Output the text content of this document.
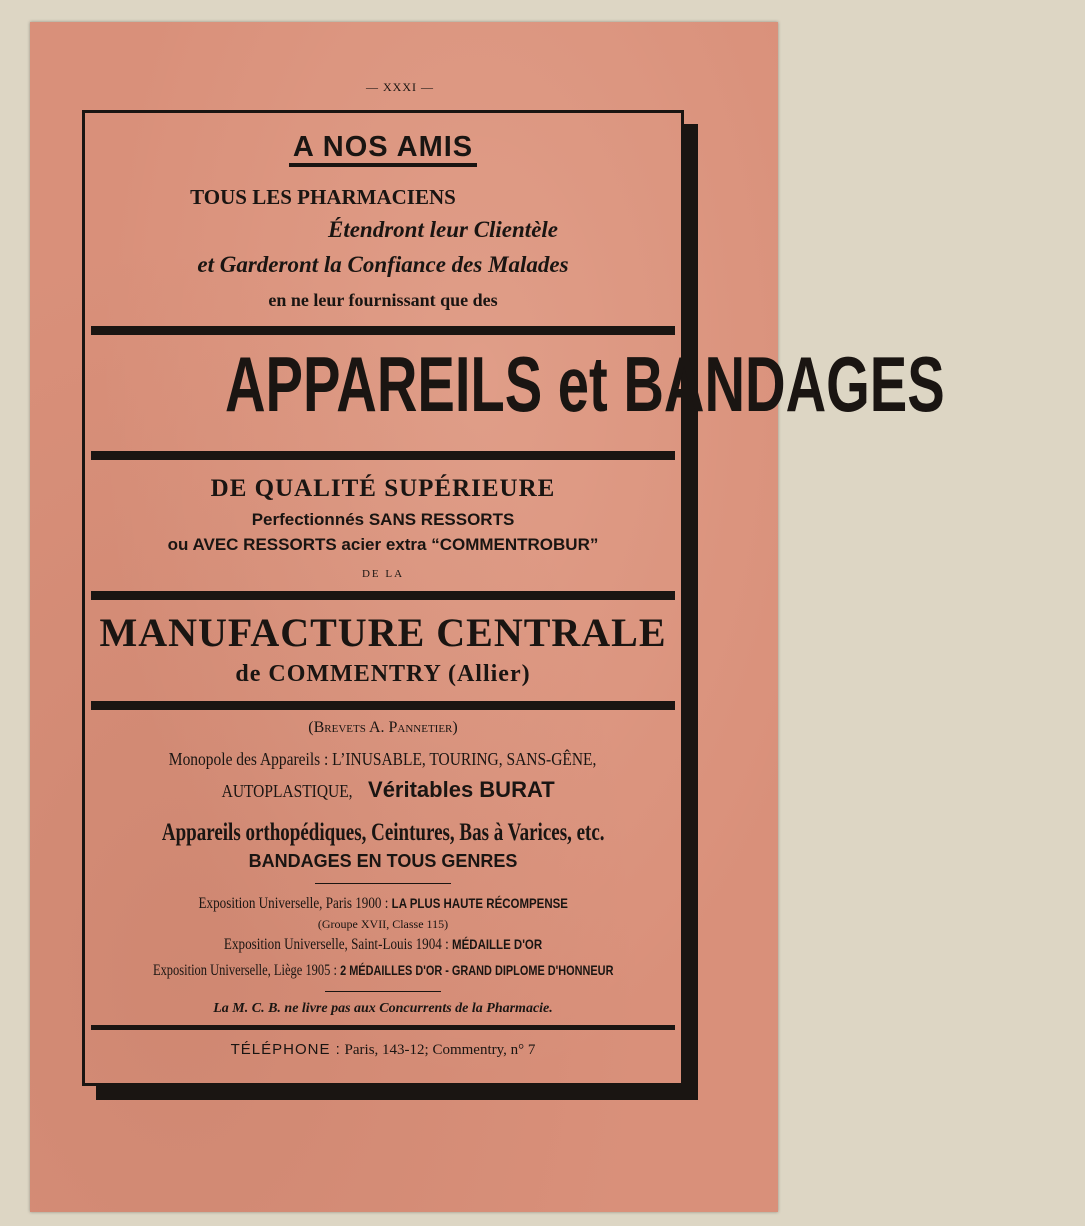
— XXXI —
A NOS AMIS
TOUS LES PHARMACIENS
Étendront leur Clientèle
et Garderont la Confiance des Malades
en ne leur fournissant que des
APPAREILS et BANDAGES
DE QUALITÉ SUPÉRIEURE
Perfectionnés SANS RESSORTS
ou AVEC RESSORTS acier extra “COMMENTROBUR”
DE LA
MANUFACTURE CENTRALE
de COMMENTRY (Allier)
(Brevets A. Pannetier)
Monopole des Appareils : L’INUSABLE, TOURING, SANS-GÊNE,
AUTOPLASTIQUE, Véritables BURAT
Appareils orthopédiques, Ceintures, Bas à Varices, etc.
BANDAGES EN TOUS GENRES
Exposition Universelle, Paris 1900 : LA PLUS HAUTE RÉCOMPENSE
(Groupe XVII, Classe 115)
Exposition Universelle, Saint-Louis 1904 : MÉDAILLE D'OR
Exposition Universelle, Liège 1905 : 2 MÉDAILLES D'OR - GRAND DIPLOME D'HONNEUR
La M. C. B. ne livre pas aux Concurrents de la Pharmacie.
TÉLÉPHONE : Paris, 143-12; Commentry, n° 7
